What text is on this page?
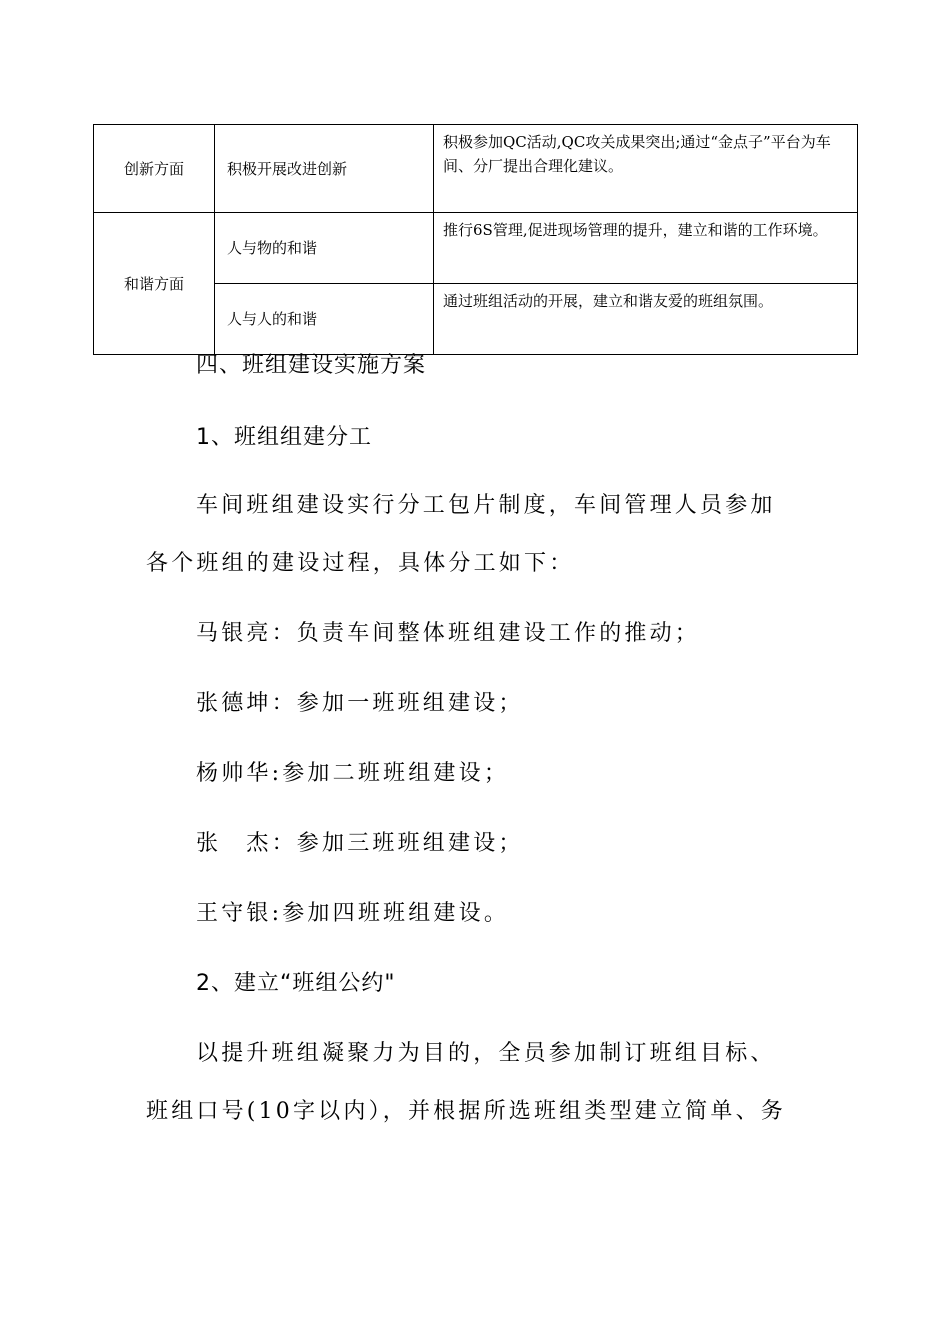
创新方面	积极开展改进创新	积极参加QC活动,QC攻关成果突出;通过“金点子”平台为车间、分厂提出合理化建议。
和谐方面	人与物的和谐	推行6S管理,促进现场管理的提升，建立和谐的工作环境。
	人与人的和谐	通过班组活动的开展，建立和谐友爱的班组氛围。
四、班组建设实施方案
1、班组组建分工
车间班组建设实行分工包片制度，车间管理人员参加
各个班组的建设过程，具体分工如下：
马银亮：负责车间整体班组建设工作的推动；
张德坤：参加一班班组建设；
杨帅华:参加二班班组建设；
张　杰：参加三班班组建设；
王守银:参加四班班组建设。
2、建立“班组公约"
以提升班组凝聚力为目的，全员参加制订班组目标、
班组口号(10字以内），并根据所选班组类型建立简单、务
